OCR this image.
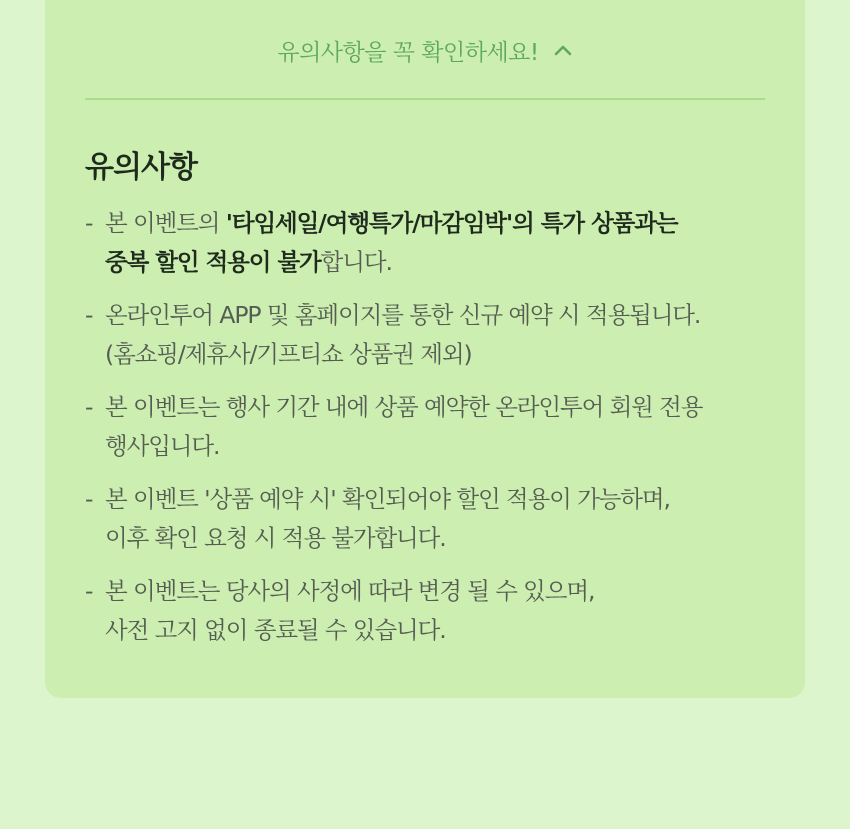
유의사항을 꼭 확인하세요!
유의사항
- 본 이벤트의 '타임세일/여행특가/마감임박'의 특가 상품과는
중복 할인 적용이 불가합니다.
- 온라인투어 APP 및 홈페이지를 통한 신규 예약 시 적용됩니다.
(홈쇼핑/제휴사/기프티쇼 상품권 제외)
- 본 이벤트는 행사 기간 내에 상품 예약한 온라인투어 회원 전용
행사입니다.
- 본 이벤트 '상품 예약 시' 확인되어야 할인 적용이 가능하며,
이후 확인 요청 시 적용 불가합니다.
- 본 이벤트는 당사의 사정에 따라 변경 될 수 있으며,
사전 고지 없이 종료될 수 있습니다.
